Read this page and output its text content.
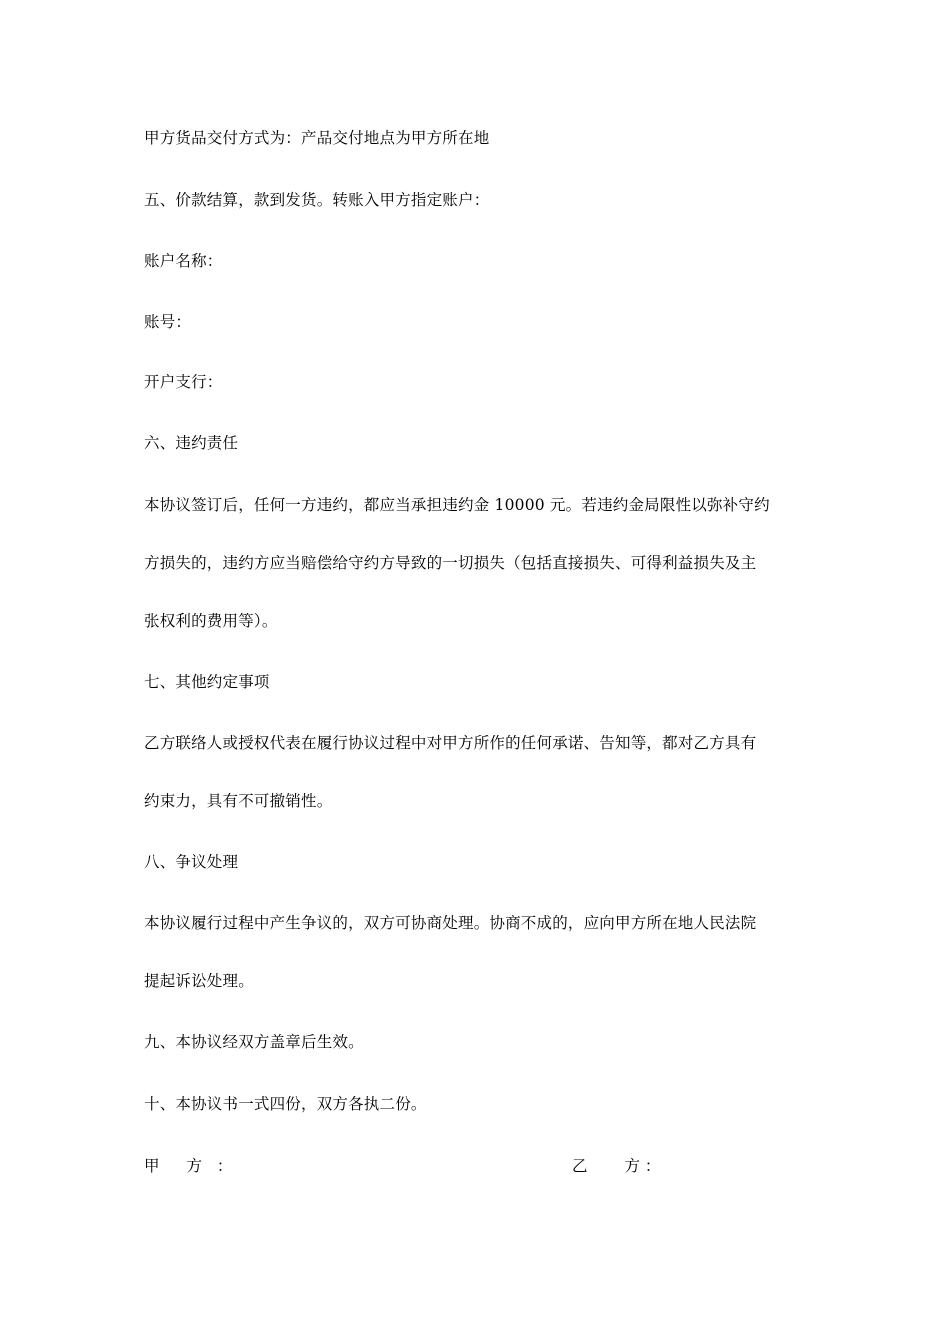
甲方货品交付方式为：产品交付地点为甲方所在地
五、价款结算，款到发货。转账入甲方指定账户：
账户名称：
账号：
开户支行：
六、违约责任
本协议签订后，任何一方违约，都应当承担违约金 10000 元。若违约金局限性以弥补守约
方损失的，违约方应当赔偿给守约方导致的一切损失（包括直接损失、可得利益损失及主
张权利的费用等）。
七、其他约定事项
乙方联络人或授权代表在履行协议过程中对甲方所作的任何承诺、告知等，都对乙方具有
约束力，具有不可撤销性。
八、争议处理
本协议履行过程中产生争议的，双方可协商处理。协商不成的，应向甲方所在地人民法院
提起诉讼处理。
九、本协议经双方盖章后生效。
十、本协议书一式四份，双方各执二份。
甲 方 ：	乙 方 ：
